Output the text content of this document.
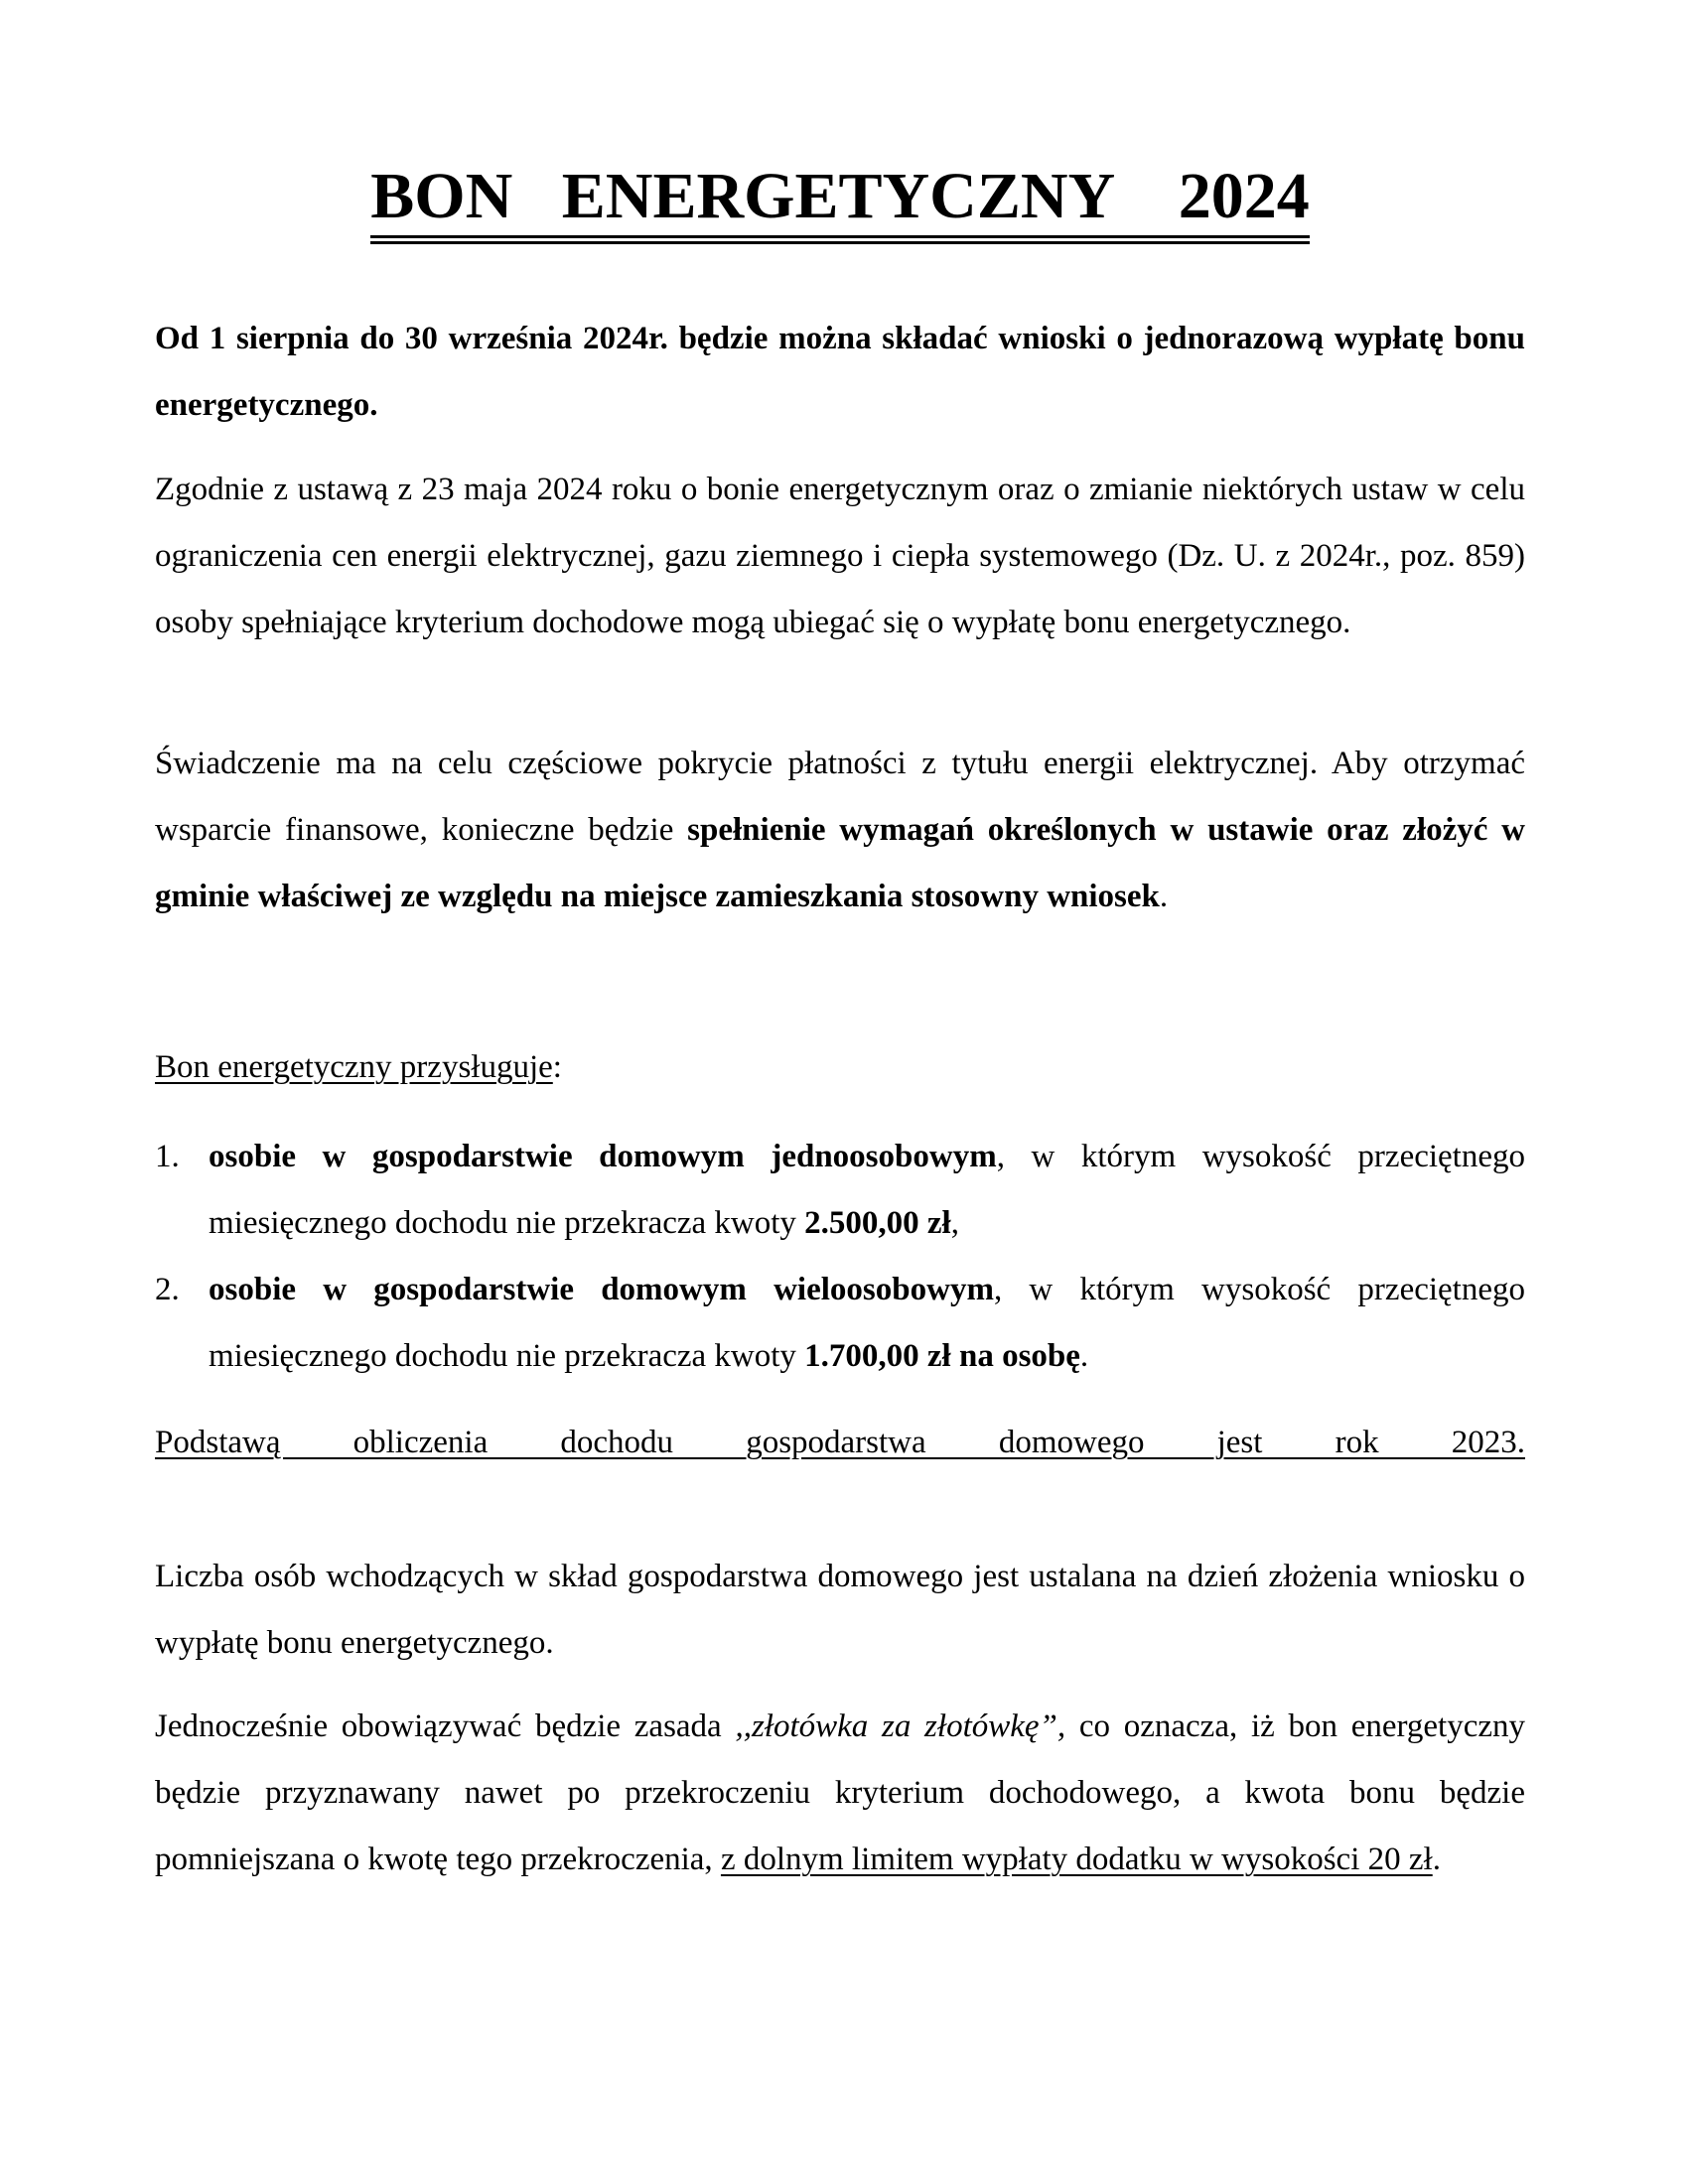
BON   ENERGETYCZNY    2024
Od 1 sierpnia do 30 września 2024r. będzie można składać wnioski o jednorazową wypłatę bonu energetycznego.
Zgodnie z ustawą z 23 maja 2024 roku o bonie energetycznym oraz o zmianie niektórych ustaw w celu ograniczenia cen energii elektrycznej, gazu ziemnego i ciepła systemowego (Dz. U. z 2024r., poz. 859) osoby spełniające kryterium dochodowe mogą ubiegać się o wypłatę bonu energetycznego.
Świadczenie ma na celu częściowe pokrycie płatności z tytułu energii elektrycznej. Aby otrzymać wsparcie finansowe, konieczne będzie spełnienie wymagań określonych w ustawie oraz złożyć w gminie właściwej ze względu na miejsce zamieszkania stosowny wniosek.
Bon energetyczny przysługuje:
1. osobie w gospodarstwie domowym jednoosobowym, w którym wysokość przeciętnego miesięcznego dochodu nie przekracza kwoty 2.500,00 zł,
2. osobie w gospodarstwie domowym wieloosobowym, w którym wysokość przeciętnego miesięcznego dochodu nie przekracza kwoty 1.700,00 zł na osobę.
Podstawą obliczenia dochodu gospodarstwa domowego jest rok 2023.
Liczba osób wchodzących w skład gospodarstwa domowego jest ustalana na dzień złożenia wniosku o wypłatę bonu energetycznego.
Jednocześnie obowiązywać będzie zasada ,,złotówka za złotówkę”, co oznacza, iż bon energetyczny będzie przyznawany nawet po przekroczeniu kryterium dochodowego, a kwota bonu będzie pomniejszana o kwotę tego przekroczenia, z dolnym limitem wypłaty dodatku w wysokości 20 zł.
